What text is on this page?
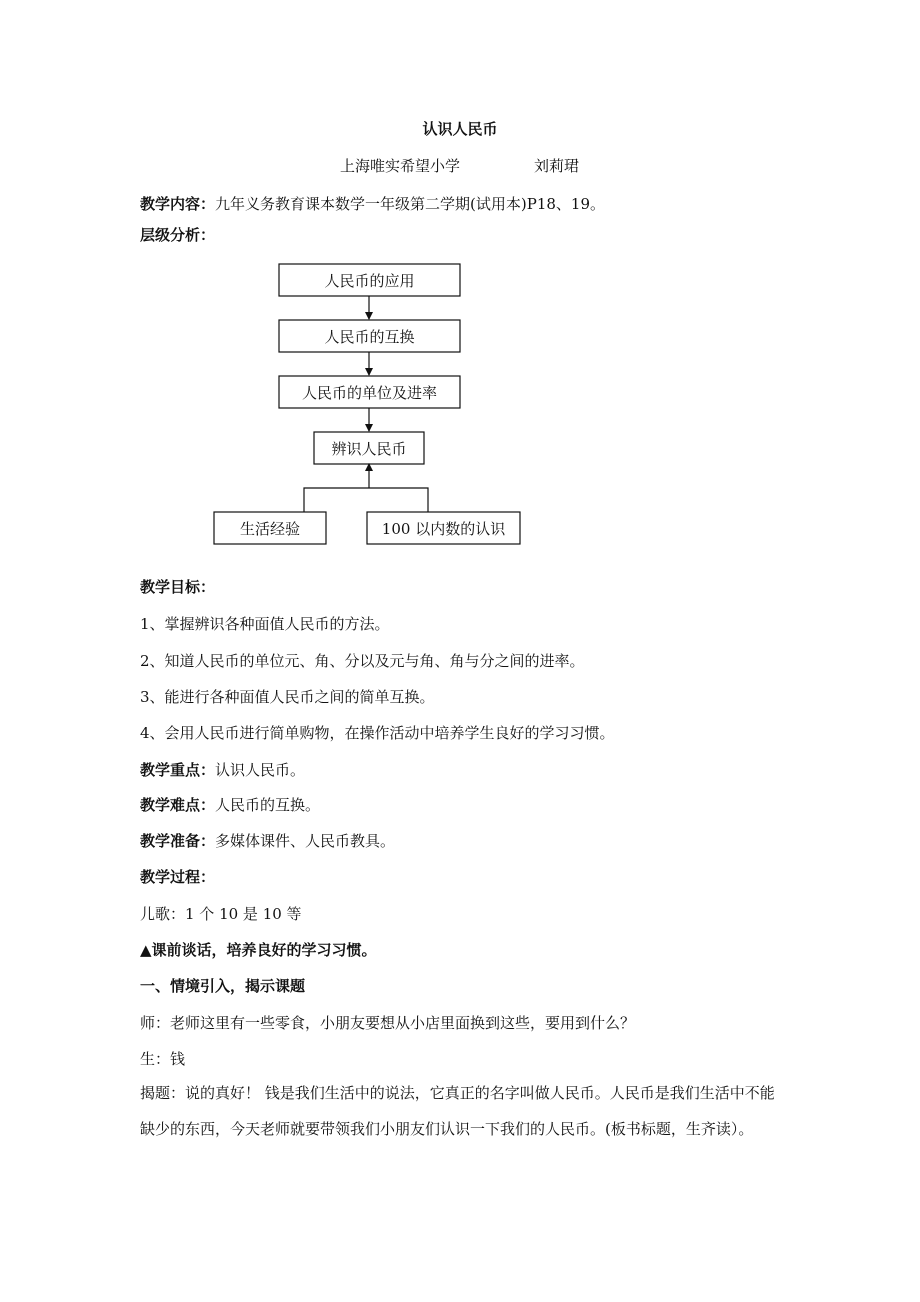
认识人民币
上海唯实希望小学	刘莉珺
教学内容：九年义务教育课本数学一年级第二学期(试用本)P18、19。
层级分析：
人民币的应用
人民币的互换
人民币的单位及进率
辨识人民币
生活经验	100 以内数的认识
教学目标：
1、掌握辨识各种面值人民币的方法。
2、知道人民币的单位元、角、分以及元与角、角与分之间的进率。
3、能进行各种面值人民币之间的简单互换。
4、会用人民币进行简单购物，在操作活动中培养学生良好的学习习惯。
教学重点：认识人民币。
教学难点：人民币的互换。
教学准备：多媒体课件、人民币教具。
教学过程：
儿歌：1 个 10 是 10 等
▲课前谈话，培养良好的学习习惯。
一、情境引入，揭示课题
师：老师这里有一些零食，小朋友要想从小店里面换到这些，要用到什么？
生：钱
揭题：说的真好！ 钱是我们生活中的说法，它真正的名字叫做人民币。人民币是我们生活中不能缺少的东西，今天老师就要带领我们小朋友们认识一下我们的人民币。(板书标题，生齐读）。
